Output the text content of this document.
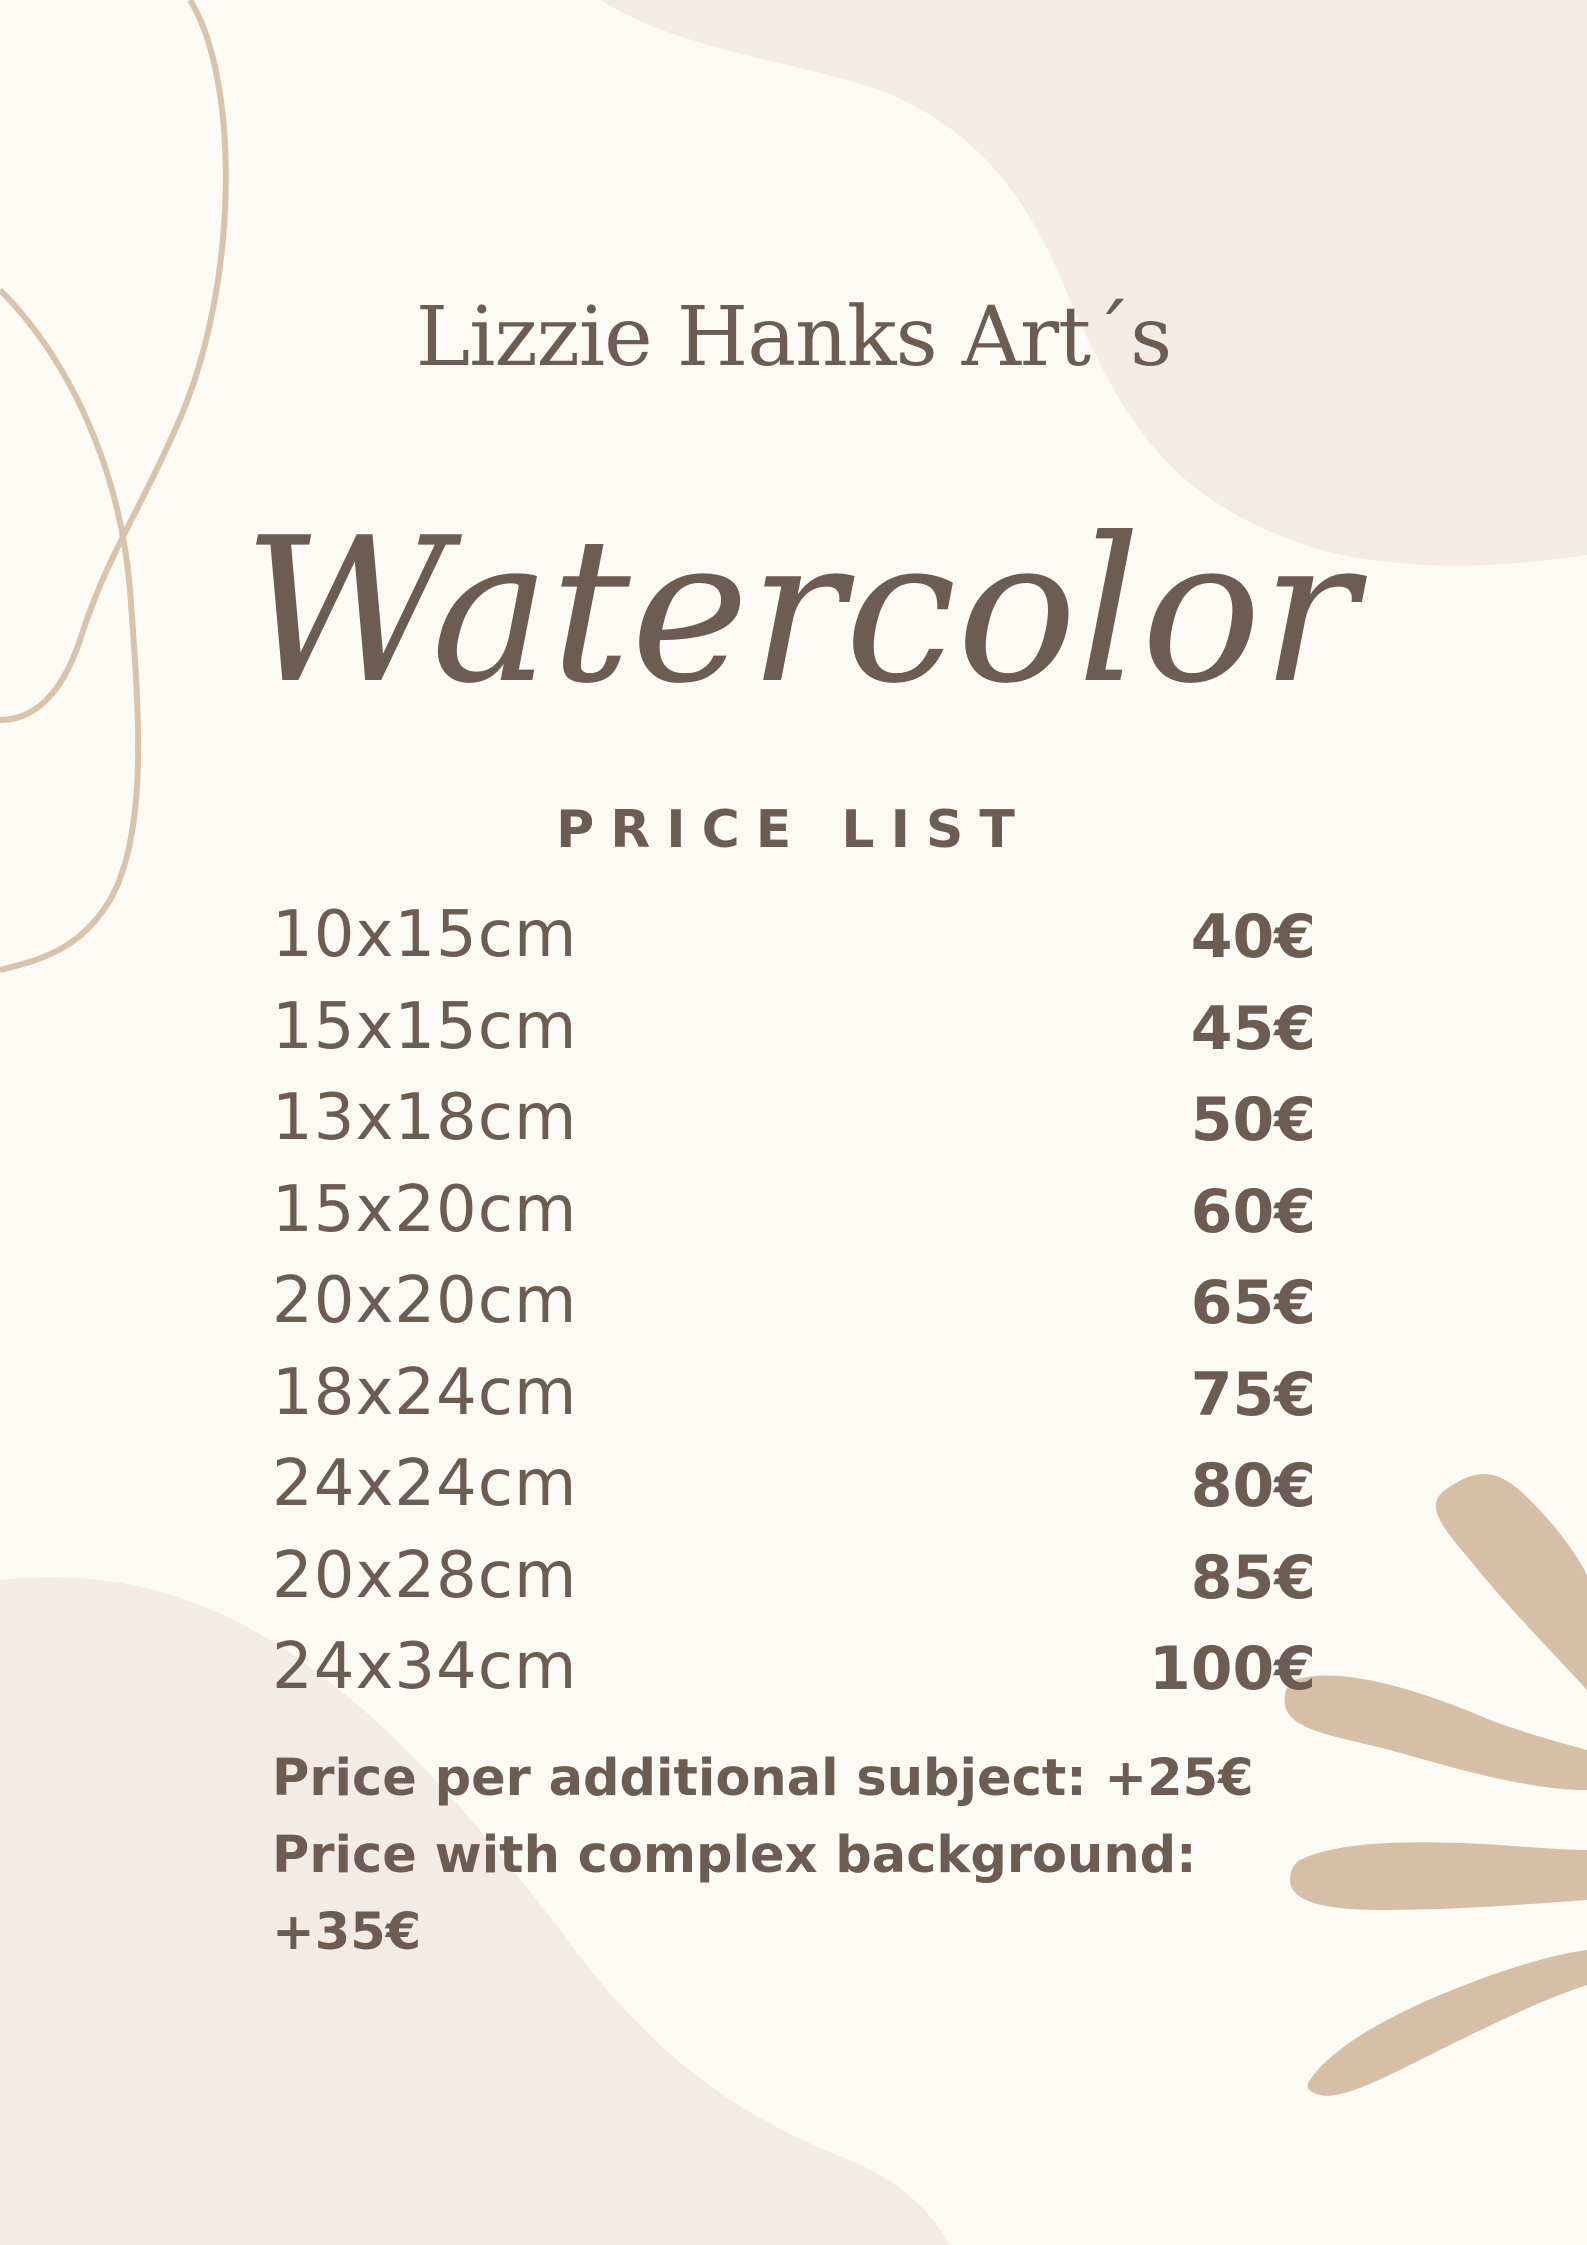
Lizzie Hanks Art´s
Watercolor
PRICE LIST
10x15cm	40€
15x15cm	45€
13x18cm	50€
15x20cm	60€
20x20cm	65€
18x24cm	75€
24x24cm	80€
20x28cm	85€
24x34cm	100€

Price per additional subject: +25€

Price with complex background: +35€
